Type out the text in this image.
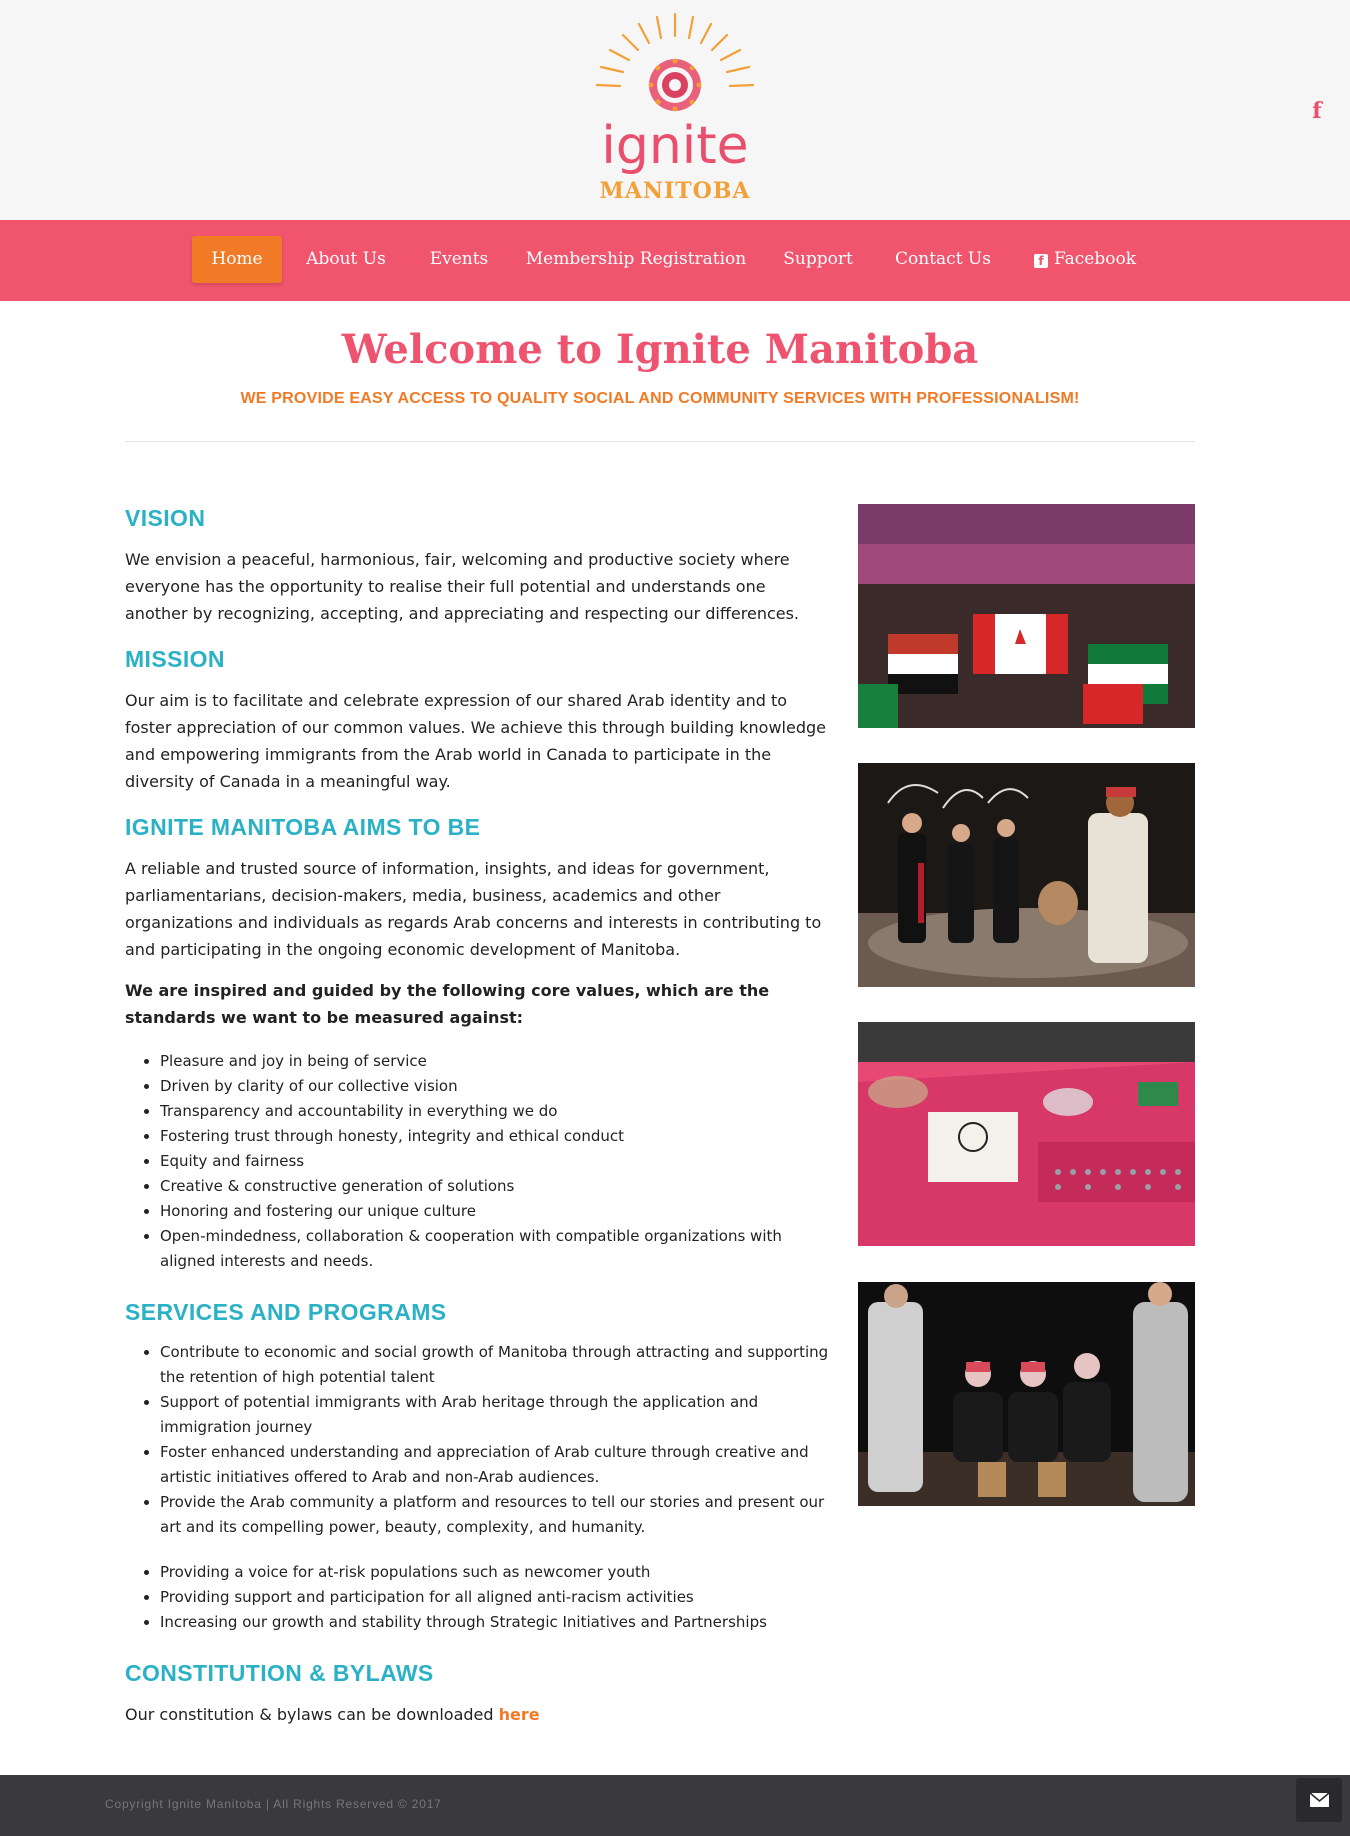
ignite
MANITOBA
f
Home	About Us	Events	Membership Registration	Support	Contact Us	f Facebook
Welcome to Ignite Manitoba
WE PROVIDE EASY ACCESS TO QUALITY SOCIAL AND COMMUNITY SERVICES WITH PROFESSIONALISM!
VISION

We envision a peaceful, harmonious, fair, welcoming and productive society where everyone has the opportunity to realise their full potential and understands one another by recognizing, accepting, and appreciating and respecting our differences.

MISSION

Our aim is to facilitate and celebrate expression of our shared Arab identity and to foster appreciation of our common values. We achieve this through building knowledge and empowering immigrants from the Arab world in Canada to participate in the diversity of Canada in a meaningful way.

IGNITE MANITOBA AIMS TO BE

A reliable and trusted source of information, insights, and ideas for government, parliamentarians, decision-makers, media, business, academics and other organizations and individuals as regards Arab concerns and interests in contributing to and participating in the ongoing economic development of Manitoba.

We are inspired and guided by the following core values, which are the standards we want to be measured against:

• Pleasure and joy in being of service
• Driven by clarity of our collective vision
• Transparency and accountability in everything we do
• Fostering trust through honesty, integrity and ethical conduct
• Equity and fairness
• Creative & constructive generation of solutions
• Honoring and fostering our unique culture
• Open-mindedness, collaboration & cooperation with compatible organizations with aligned interests and needs.
SERVICES AND PROGRAMS
• Contribute to economic and social growth of Manitoba through attracting and supporting the retention of high potential talent
• Support of potential immigrants with Arab heritage through the application and immigration journey
• Foster enhanced understanding and appreciation of Arab culture through creative and artistic initiatives offered to Arab and non-Arab audiences.
• Provide the Arab community a platform and resources to tell our stories and present our art and its compelling power, beauty, complexity, and humanity.
• Providing a voice for at-risk populations such as newcomer youth
• Providing support and participation for all aligned anti-racism activities
• Increasing our growth and stability through Strategic Initiatives and Partnerships
CONSTITUTION & BYLAWS

Our constitution & bylaws can be downloaded here

Copyright Ignite Manitoba | All Rights Reserved © 2017
